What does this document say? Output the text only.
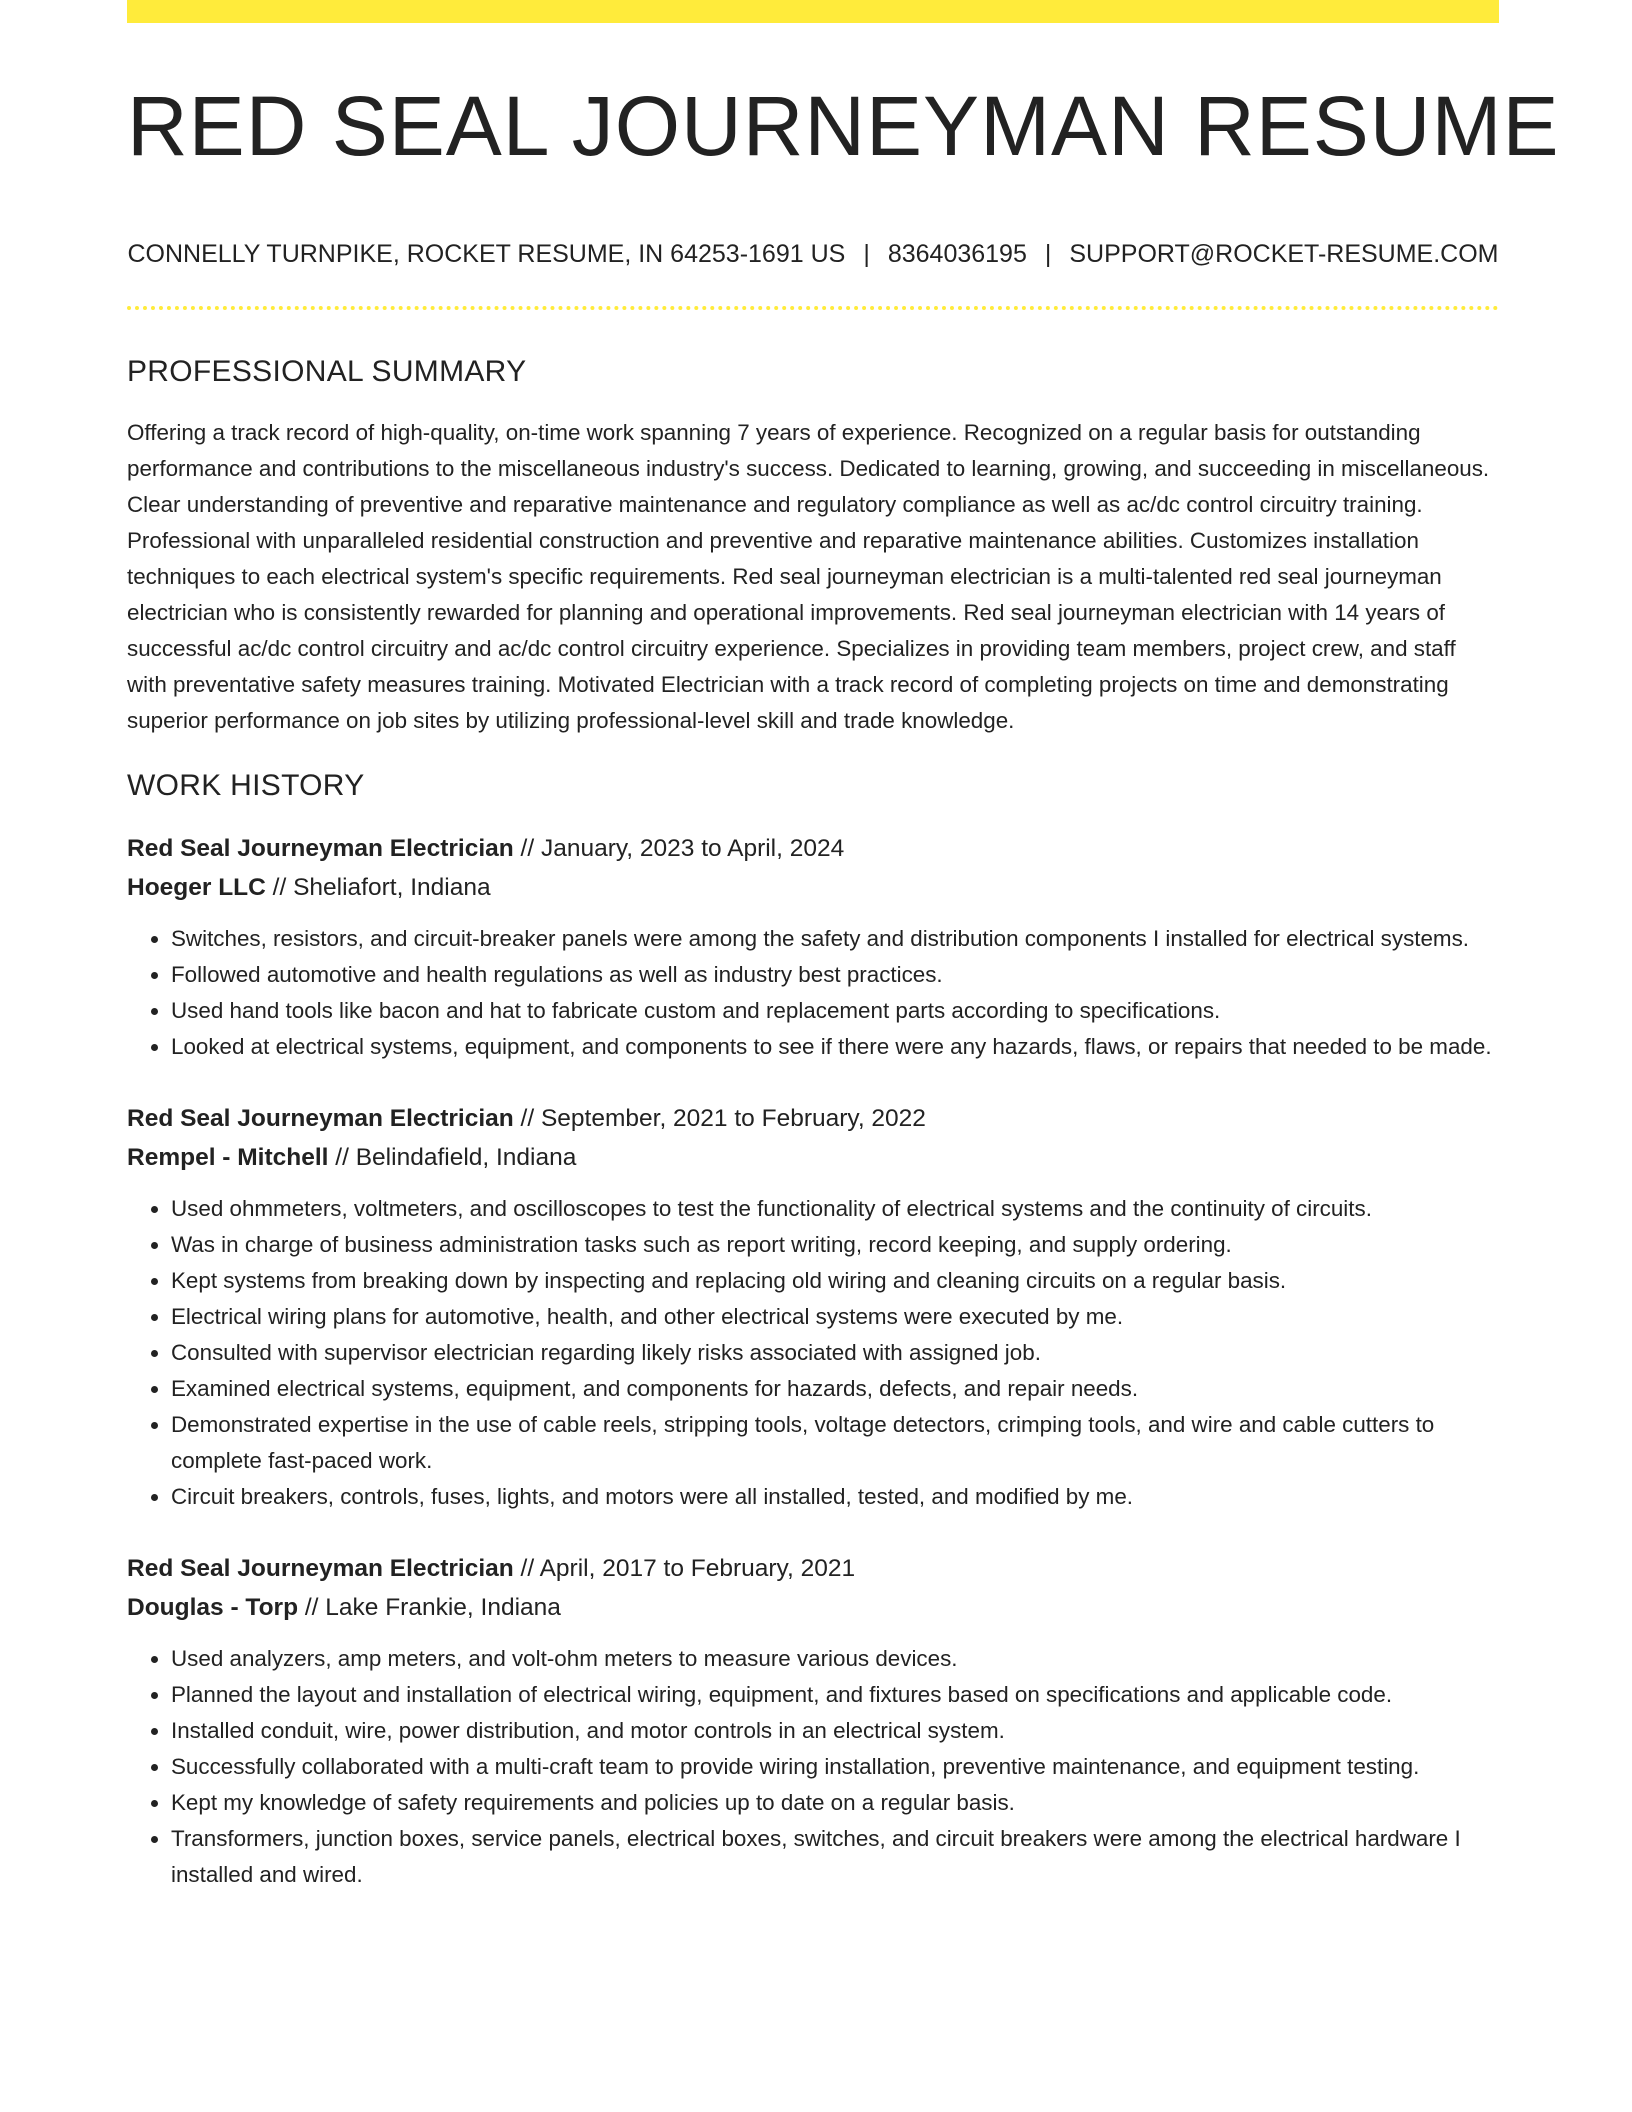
RED SEAL JOURNEYMAN RESUME
CONNELLY TURNPIKE, ROCKET RESUME, IN 64253-1691 US | 8364036195 | SUPPORT@ROCKET-RESUME.COM
PROFESSIONAL SUMMARY

Offering a track record of high-quality, on-time work spanning 7 years of experience. Recognized on a regular basis for outstanding performance and contributions to the miscellaneous industry's success. Dedicated to learning, growing, and succeeding in miscellaneous. Clear understanding of preventive and reparative maintenance and regulatory compliance as well as ac/dc control circuitry training. Professional with unparalleled residential construction and preventive and reparative maintenance abilities. Customizes installation techniques to each electrical system's specific requirements. Red seal journeyman electrician is a multi-talented red seal journeyman electrician who is consistently rewarded for planning and operational improvements. Red seal journeyman electrician with 14 years of successful ac/dc control circuitry and ac/dc control circuitry experience. Specializes in providing team members, project crew, and staff with preventative safety measures training. Motivated Electrician with a track record of completing projects on time and demonstrating superior performance on job sites by utilizing professional-level skill and trade knowledge.

WORK HISTORY

Red Seal Journeyman Electrician // January, 2023 to April, 2024

Hoeger LLC // Sheliafort, Indiana

• Switches, resistors, and circuit-breaker panels were among the safety and distribution components I installed for electrical systems.
• Followed automotive and health regulations as well as industry best practices.
• Used hand tools like bacon and hat to fabricate custom and replacement parts according to specifications.
• Looked at electrical systems, equipment, and components to see if there were any hazards, flaws, or repairs that needed to be made.

Red Seal Journeyman Electrician // September, 2021 to February, 2022

Rempel - Mitchell // Belindafield, Indiana

• Used ohmmeters, voltmeters, and oscilloscopes to test the functionality of electrical systems and the continuity of circuits.
• Was in charge of business administration tasks such as report writing, record keeping, and supply ordering.
• Kept systems from breaking down by inspecting and replacing old wiring and cleaning circuits on a regular basis.
• Electrical wiring plans for automotive, health, and other electrical systems were executed by me.
• Consulted with supervisor electrician regarding likely risks associated with assigned job.
• Examined electrical systems, equipment, and components for hazards, defects, and repair needs.
• Demonstrated expertise in the use of cable reels, stripping tools, voltage detectors, crimping tools, and wire and cable cutters to complete fast-paced work.
• Circuit breakers, controls, fuses, lights, and motors were all installed, tested, and modified by me.

Red Seal Journeyman Electrician // April, 2017 to February, 2021

Douglas - Torp // Lake Frankie, Indiana

• Used analyzers, amp meters, and volt-ohm meters to measure various devices.
• Planned the layout and installation of electrical wiring, equipment, and fixtures based on specifications and applicable code.
• Installed conduit, wire, power distribution, and motor controls in an electrical system.
• Successfully collaborated with a multi-craft team to provide wiring installation, preventive maintenance, and equipment testing.
• Kept my knowledge of safety requirements and policies up to date on a regular basis.
• Transformers, junction boxes, service panels, electrical boxes, switches, and circuit breakers were among the electrical hardware I installed and wired.
